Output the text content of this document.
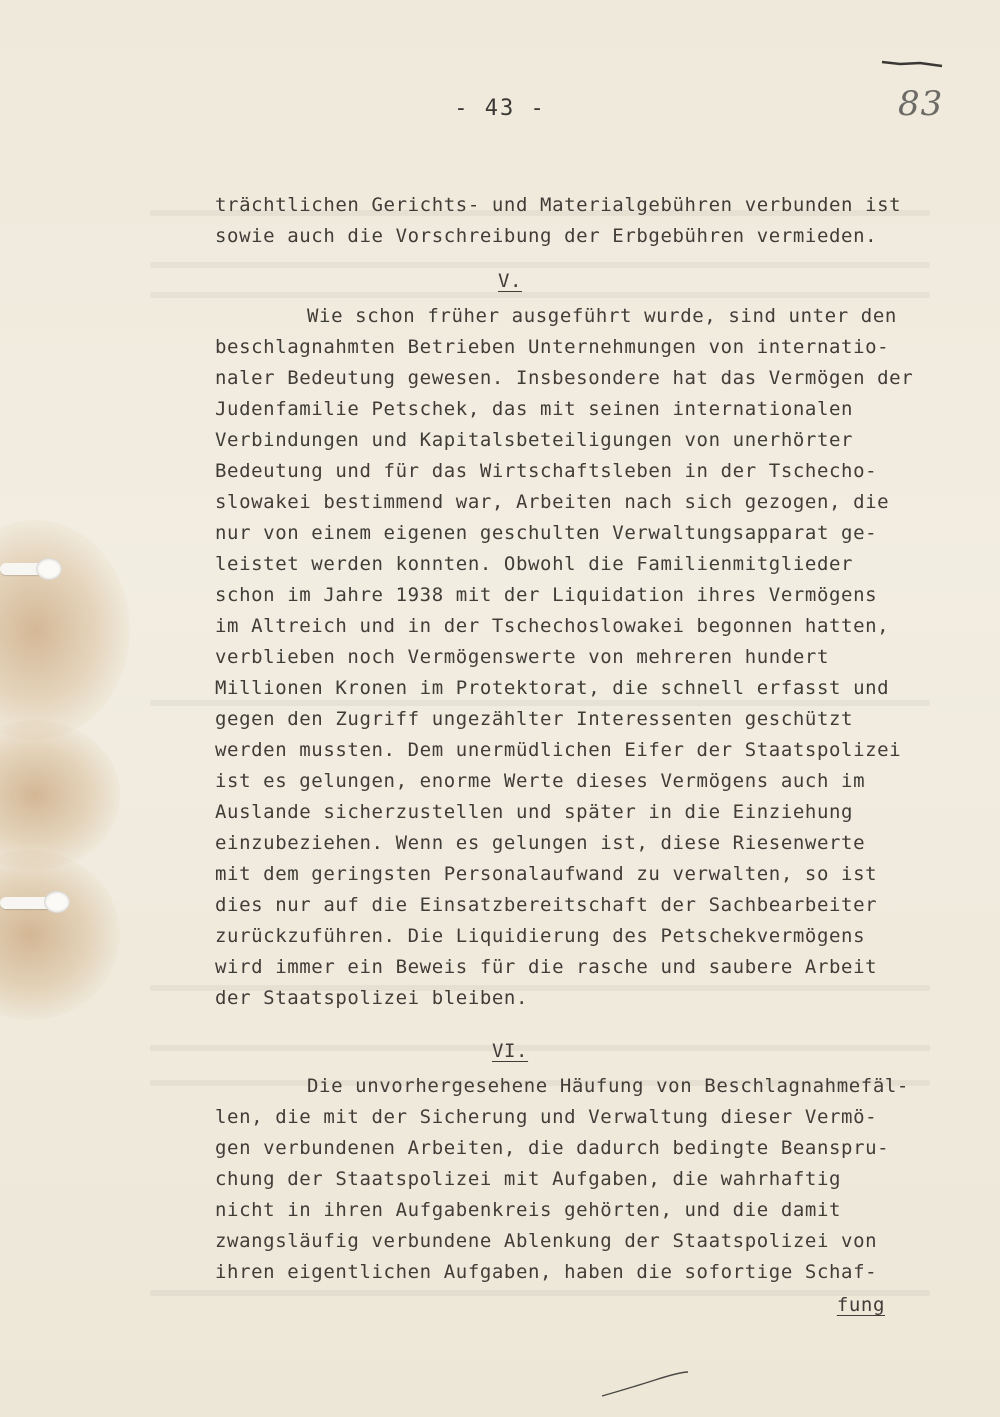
83
- 43 -
trächtlichen Gerichts- und Materialgebühren verbunden ist
sowie auch die Vorschreibung der Erbgebühren vermieden.
V.
Wie schon früher ausgeführt wurde, sind unter den
beschlagnahmten Betrieben Unternehmungen von internatio-
naler Bedeutung gewesen. Insbesondere hat das Vermögen der
Judenfamilie Petschek, das mit seinen internationalen
Verbindungen und Kapitalsbeteiligungen von unerhörter
Bedeutung und für das Wirtschaftsleben in der Tschecho-
slowakei bestimmend war, Arbeiten nach sich gezogen, die
nur von einem eigenen geschulten Verwaltungsapparat ge-
leistet werden konnten. Obwohl die Familienmitglieder
schon im Jahre 1938 mit der Liquidation ihres Vermögens
im Altreich und in der Tschechoslowakei begonnen hatten,
verblieben noch Vermögenswerte von mehreren hundert
Millionen Kronen im Protektorat, die schnell erfasst und
gegen den Zugriff ungezählter Interessenten geschützt
werden mussten. Dem unermüdlichen Eifer der Staatspolizei
ist es gelungen, enorme Werte dieses Vermögens auch im
Auslande sicherzustellen und später in die Einziehung
einzubeziehen. Wenn es gelungen ist, diese Riesenwerte
mit dem geringsten Personalaufwand zu verwalten, so ist
dies nur auf die Einsatzbereitschaft der Sachbearbeiter
zurückzuführen. Die Liquidierung des Petschekvermögens
wird immer ein Beweis für die rasche und saubere Arbeit
der Staatspolizei bleiben.
VI.
Die unvorhergesehene Häufung von Beschlagnahmefäl-
len, die mit der Sicherung und Verwaltung dieser Vermö-
gen verbundenen Arbeiten, die dadurch bedingte Beanspru-
chung der Staatspolizei mit Aufgaben, die wahrhaftig
nicht in ihren Aufgabenkreis gehörten, und die damit
zwangsläufig verbundene Ablenkung der Staatspolizei von
ihren eigentlichen Aufgaben, haben die sofortige Schaf-
fung
